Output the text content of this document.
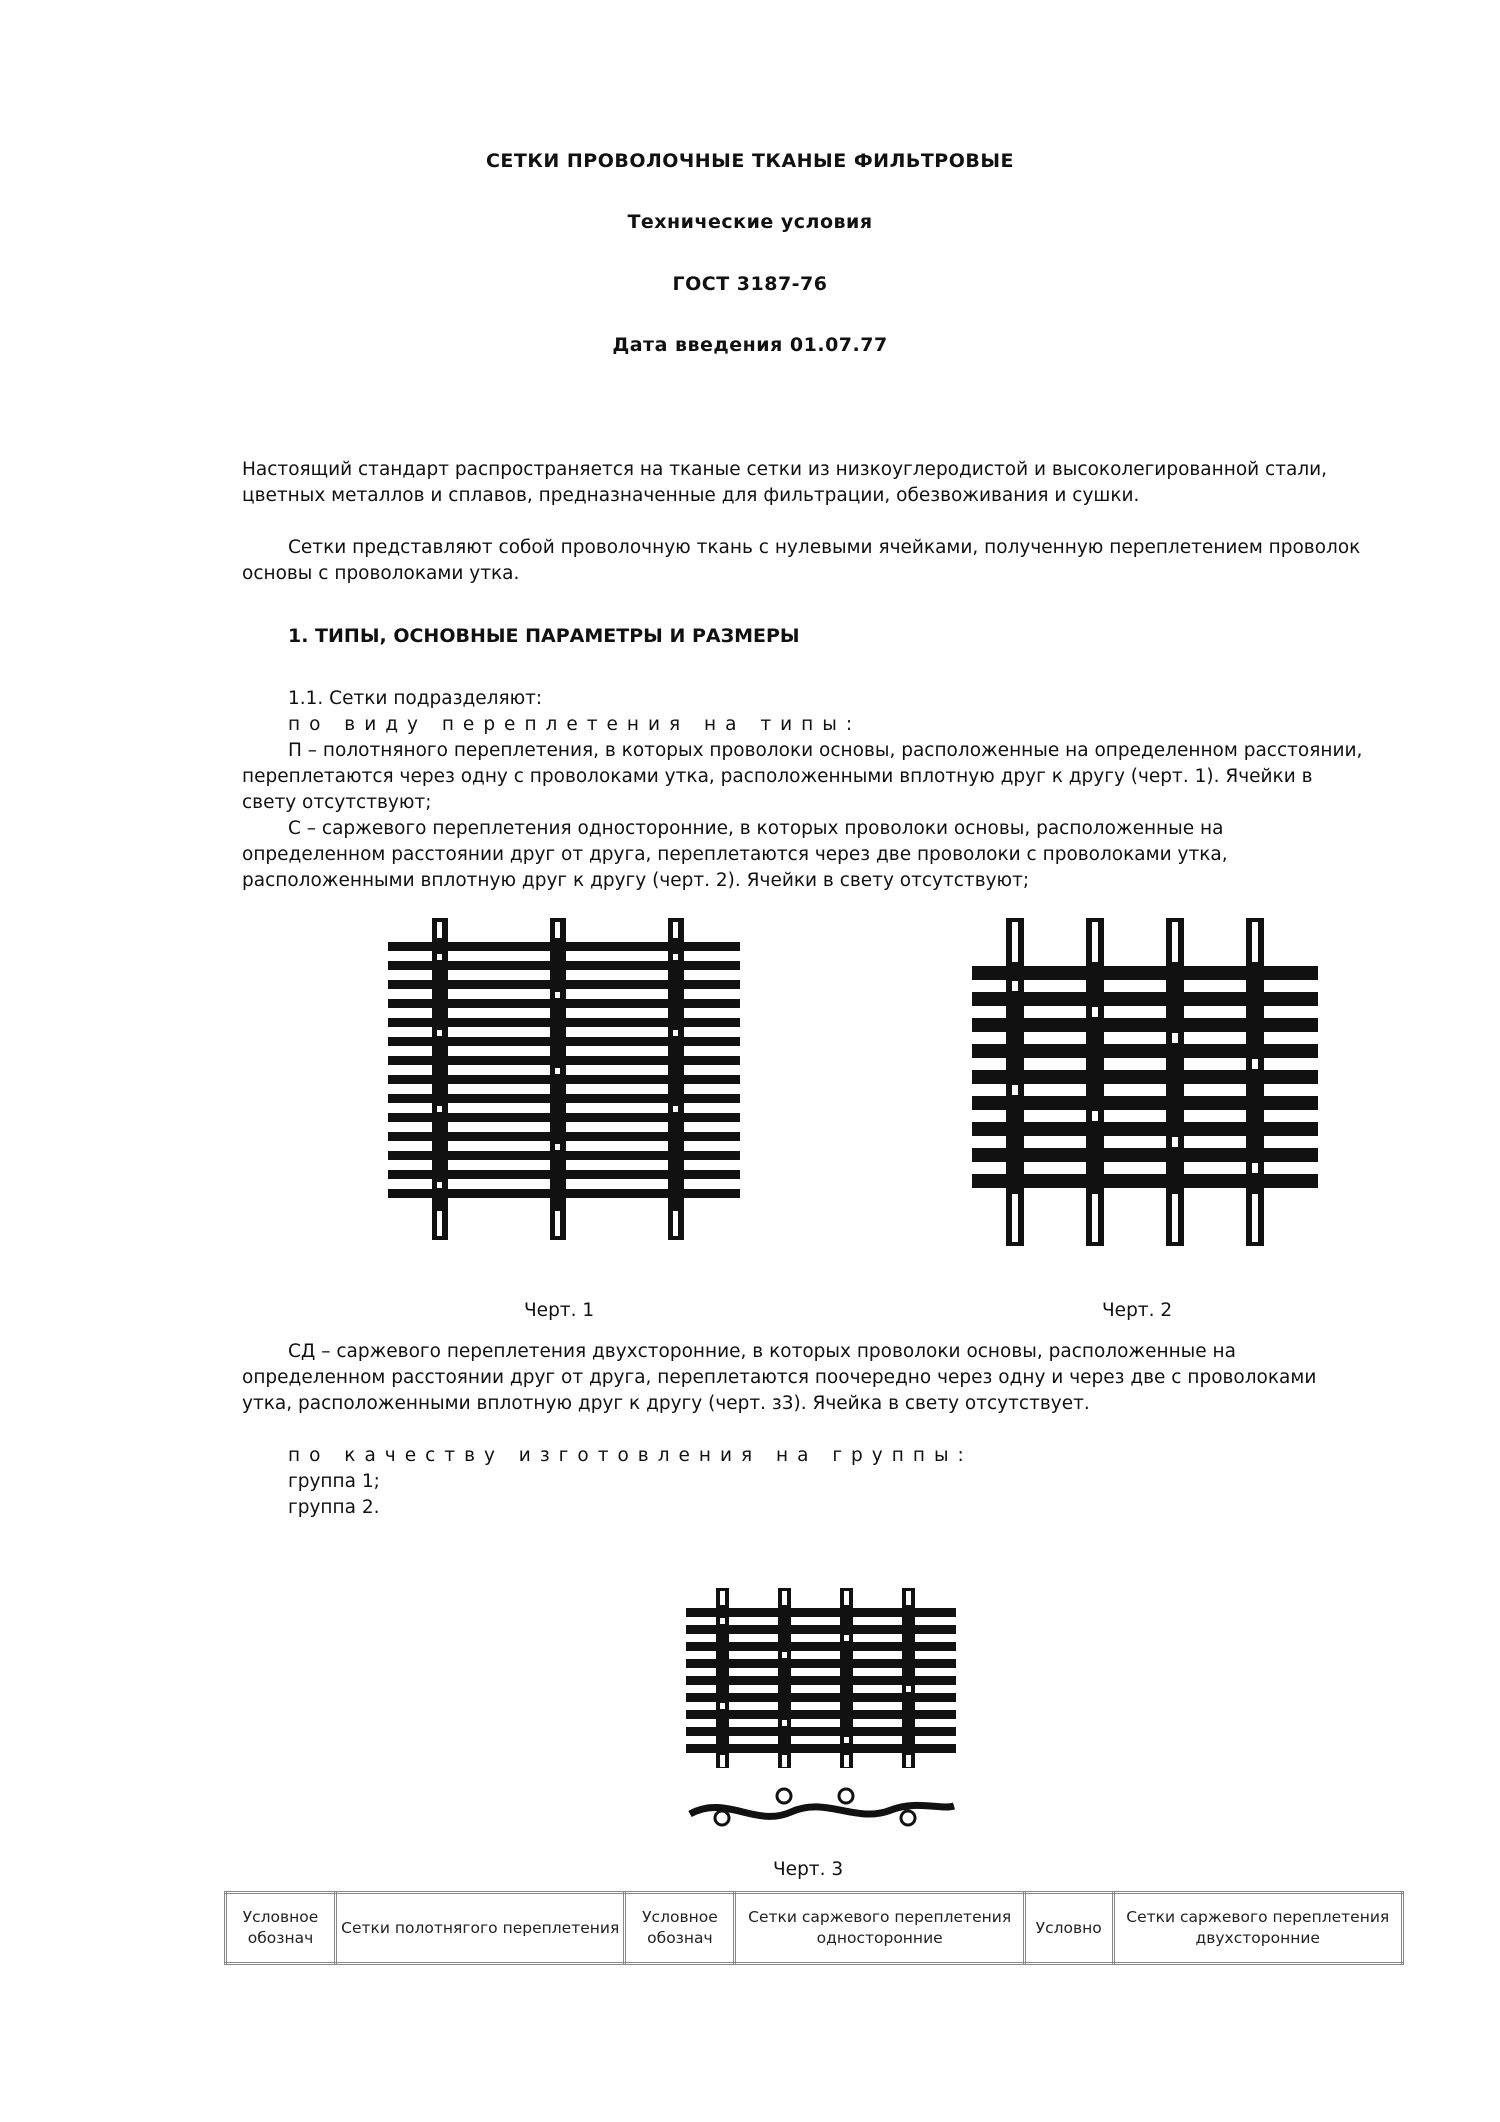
СЕТКИ ПРОВОЛОЧНЫЕ ТКАНЫЕ ФИЛЬТРОВЫЕ
Технические условия
ГОСТ 3187-76
Дата введения 01.07.77
Настоящий стандарт распространяется на тканые сетки из низкоуглеродистой и высоколегированной стали, цветных металлов и сплавов, предназначенные для фильтрации, обезвоживания и сушки.
Сетки представляют собой проволочную ткань с нулевыми ячейками, полученную переплетением проволок основы с проволоками утка.
1. ТИПЫ, ОСНОВНЫЕ ПАРАМЕТРЫ И РАЗМЕРЫ
1.1. Сетки подразделяют:
по виду переплетения на типы:
П – полотняного переплетения, в которых проволоки основы, расположенные на определенном расстоянии, переплетаются через одну с проволоками утка, расположенными вплотную друг к другу (черт. 1). Ячейки в свету отсутствуют;
С – саржевого переплетения односторонние, в которых проволоки основы, расположенные на определенном расстоянии друг от друга, переплетаются через две проволоки с проволоками утка, расположенными вплотную друг к другу (черт. 2). Ячейки в свету отсутствуют;
Черт. 1	Черт. 2
СД – саржевого переплетения двухсторонние, в которых проволоки основы, расположенные на определенном расстоянии друг от друга, переплетаются поочередно через одну и через две с проволоками утка, расположенными вплотную друг к другу (черт. з3). Ячейка в свету отсутствует.
по качеству изготовления на группы:
группа 1;
группа 2.
Черт. 3
Условное обознач	Сетки полотнягого переплетения	Условное обознач	Сетки саржевого переплетения односторонние	Условно	Сетки саржевого переплетения двухсторонние
